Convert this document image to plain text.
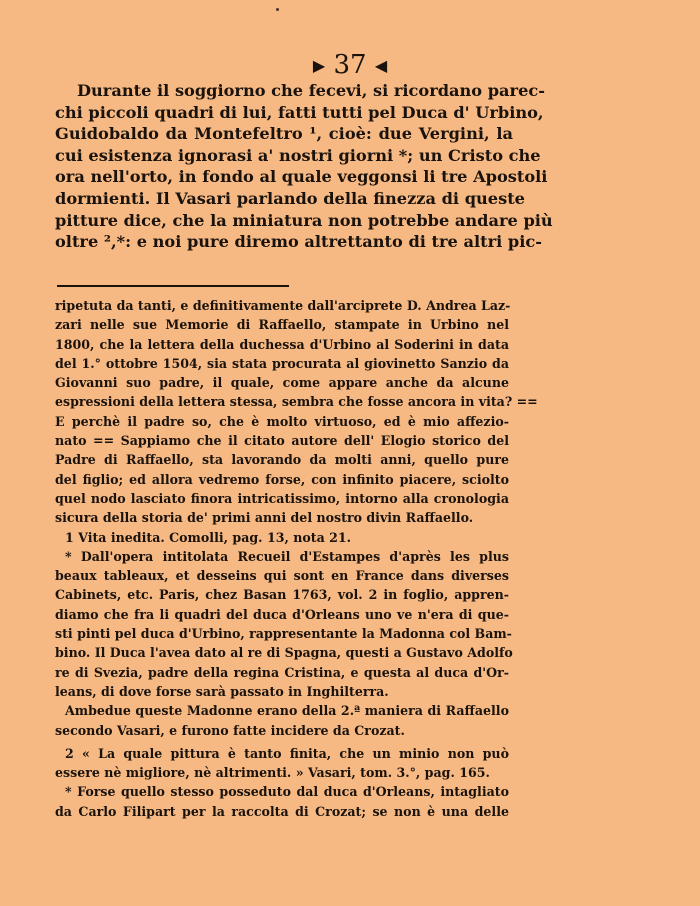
▶ 37 ◀
Durante il soggiorno che fecevi, si ricordano parec-
chi piccoli quadri di lui, fatti tutti pel Duca d' Urbino,
Guidobaldo da Montefeltro ¹, cioè: due Vergini, la
cui esistenza ignorasi a' nostri giorni *; un Cristo che
ora nell'orto, in fondo al quale veggonsi li tre Apostoli
dormienti. Il Vasari parlando della finezza di queste
pitture dice, che la miniatura non potrebbe andare più
oltre ²,*: e noi pure diremo altrettanto di tre altri pic-
ripetuta da tanti, e definitivamente dall'arciprete D. Andrea Laz-
zari nelle sue Memorie di Raffaello, stampate in Urbino nel
1800, che la lettera della duchessa d'Urbino al Soderini in data
del 1.° ottobre 1504, sia stata procurata al giovinetto Sanzio da
Giovanni suo padre, il quale, come appare anche da alcune
espressioni della lettera stessa, sembra che fosse ancora in vita? ==
E perchè il padre so, che è molto virtuoso, ed è mio affezio-
nato == Sappiamo che il citato autore dell' Elogio storico del
Padre di Raffaello, sta lavorando da molti anni, quello pure
del figlio; ed allora vedremo forse, con infinito piacere, sciolto
quel nodo lasciato finora intricatissimo, intorno alla cronologia
sicura della storia de' primi anni del nostro divin Raffaello.
1 Vita inedita. Comolli, pag. 13, nota 21.
* Dall'opera intitolata Recueil d'Estampes d'après les plus
beaux tableaux, et desseins qui sont en France dans diverses
Cabinets, etc. Paris, chez Basan 1763, vol. 2 in foglio, appren-
diamo che fra li quadri del duca d'Orleans uno ve n'era di que-
sti pinti pel duca d'Urbino, rappresentante la Madonna col Bam-
bino. Il Duca l'avea dato al re di Spagna, questi a Gustavo Adolfo
re di Svezia, padre della regina Cristina, e questa al duca d'Or-
leans, di dove forse sarà passato in Inghilterra.
Ambedue queste Madonne erano della 2.ª maniera di Raffaello
secondo Vasari, e furono fatte incidere da Crozat.
2 « La quale pittura è tanto finita, che un minio non può
essere nè migliore, nè altrimenti. » Vasari, tom. 3.°, pag. 165.
* Forse quello stesso posseduto dal duca d'Orleans, intagliato
da Carlo Filipart per la raccolta di Crozat; se non è una delle
